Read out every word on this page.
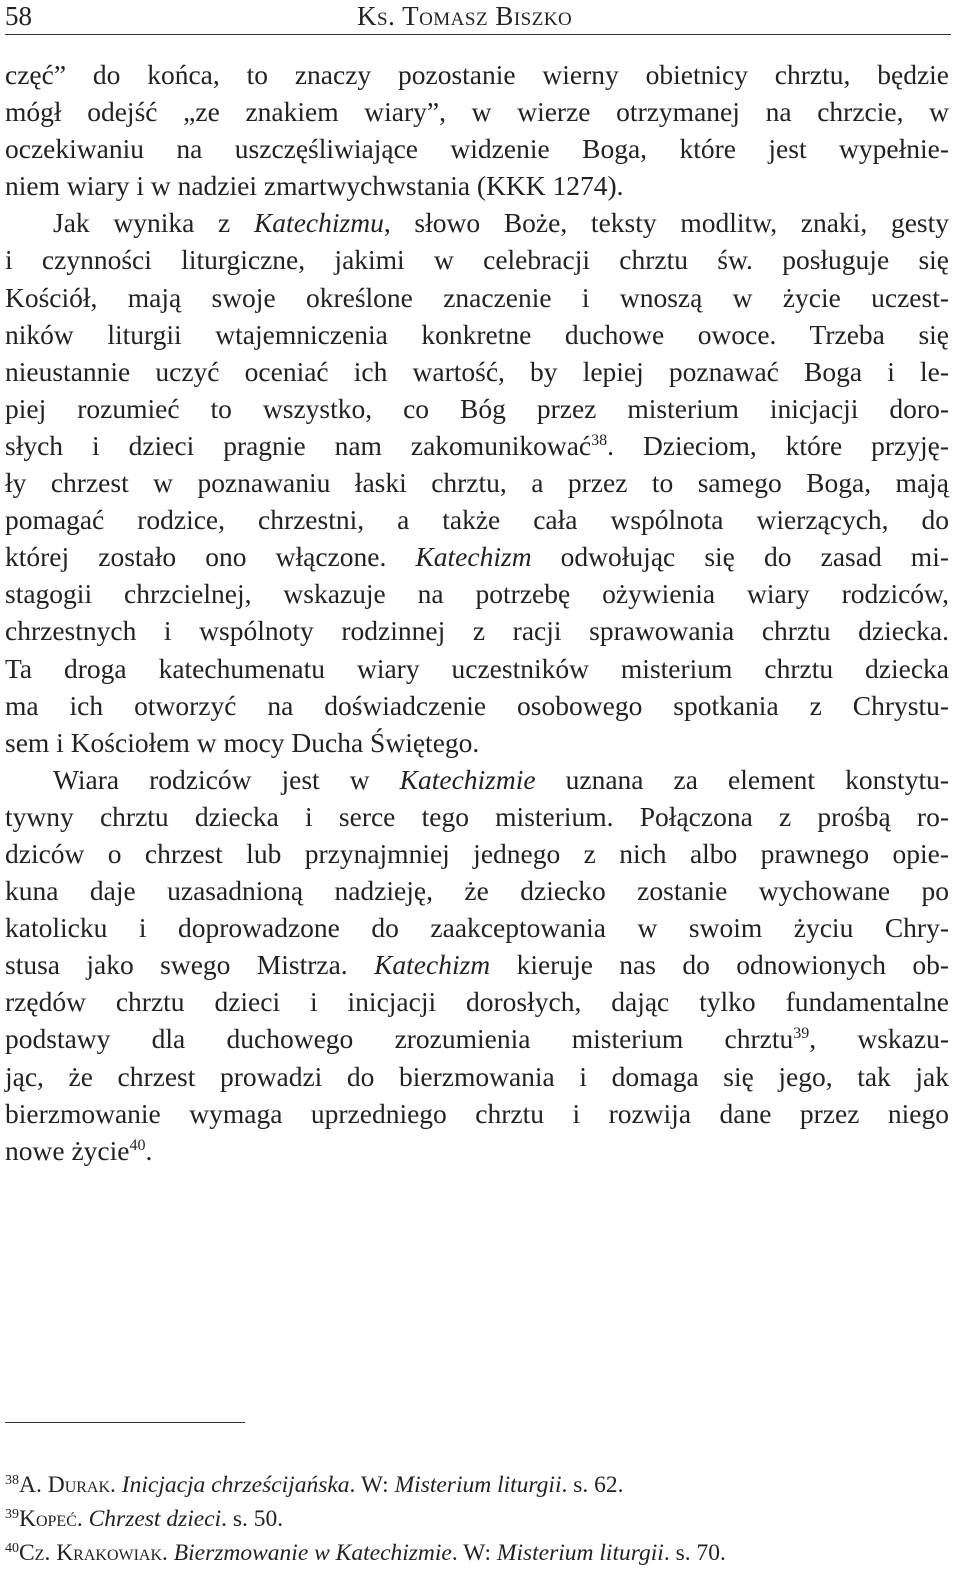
58	Ks. Tomasz Biszko
częć” do końca, to znaczy pozostanie wierny obietnicy chrztu, będzie
mógł odejść „ze znakiem wiary”, w wierze otrzymanej na chrzcie, w
oczekiwaniu na uszczęśliwiające widzenie Boga, które jest wypełnie-
niem wiary i w nadziei zmartwychwstania (KKK 1274).
Jak wynika z Katechizmu, słowo Boże, teksty modlitw, znaki, gesty
i czynności liturgiczne, jakimi w celebracji chrztu św. posługuje się
Kościół, mają swoje określone znaczenie i wnoszą w życie uczest-
ników liturgii wtajemniczenia konkretne duchowe owoce. Trzeba się
nieustannie uczyć oceniać ich wartość, by lepiej poznawać Boga i le-
piej rozumieć to wszystko, co Bóg przez misterium inicjacji doro-
słych i dzieci pragnie nam zakomunikować$^{38}$. Dzieciom, które przyję-
ły chrzest w poznawaniu łaski chrztu, a przez to samego Boga, mają
pomagać rodzice, chrzestni, a także cała wspólnota wierzących, do
której zostało ono włączone. Katechizm odwołując się do zasad mi-
stagogii chrzcielnej, wskazuje na potrzebę ożywienia wiary rodziców,
chrzestnych i wspólnoty rodzinnej z racji sprawowania chrztu dziecka.
Ta droga katechumenatu wiary uczestników misterium chrztu dziecka
ma ich otworzyć na doświadczenie osobowego spotkania z Chrystu-
sem i Kościołem w mocy Ducha Świętego.
Wiara rodziców jest w Katechizmie uznana za element konstytu-
tywny chrztu dziecka i serce tego misterium. Połączona z prośbą ro-
dziców o chrzest lub przynajmniej jednego z nich albo prawnego opie-
kuna daje uzasadnioną nadzieję, że dziecko zostanie wychowane po
katolicku i doprowadzone do zaakceptowania w swoim życiu Chry-
stusa jako swego Mistrza. Katechizm kieruje nas do odnowionych ob-
rzędów chrztu dzieci i inicjacji dorosłych, dając tylko fundamentalne
podstawy dla duchowego zrozumienia misterium chrztu$^{39}$, wskazu-
jąc, że chrzest prowadzi do bierzmowania i domaga się jego, tak jak
bierzmowanie wymaga uprzedniego chrztu i rozwija dane przez niego
nowe życie$^{40}$.
$^{38}$A. Durak. Inicjacja chrześcijańska. W: Misterium liturgii. s. 62.
$^{39}$Kopeć. Chrzest dzieci. s. 50.
$^{40}$Cz. Krakowiak. Bierzmowanie w Katechizmie. W: Misterium liturgii. s. 70.
